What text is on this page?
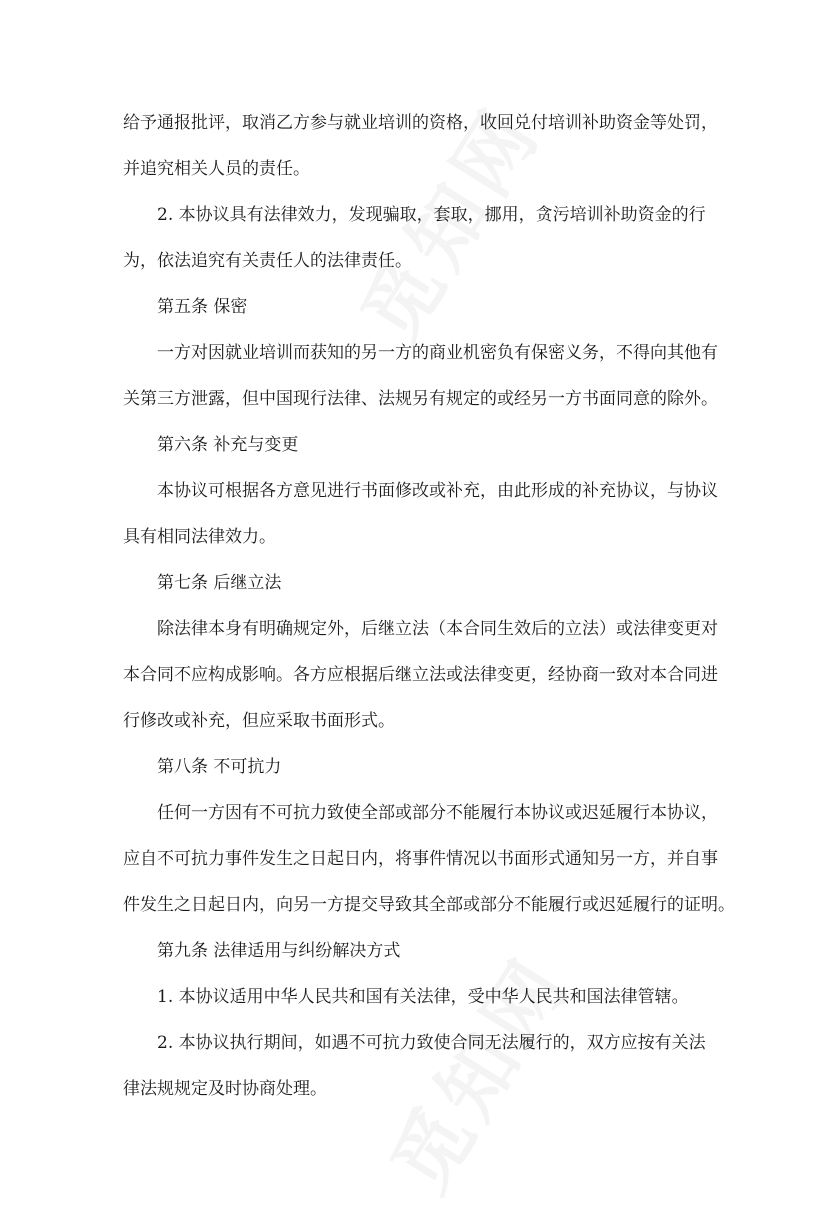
给予通报批评，取消乙方参与就业培训的资格，收回兑付培训补助资金等处罚，
并追究相关人员的责任。

2. 本协议具有法律效力，发现骗取，套取，挪用，贪污培训补助资金的行
为，依法追究有关责任人的法律责任。

第五条 保密

一方对因就业培训而获知的另一方的商业机密负有保密义务，不得向其他有
关第三方泄露，但中国现行法律、法规另有规定的或经另一方书面同意的除外。

第六条 补充与变更

本协议可根据各方意见进行书面修改或补充，由此形成的补充协议，与协议
具有相同法律效力。

第七条 后继立法

除法律本身有明确规定外，后继立法（本合同生效后的立法）或法律变更对
本合同不应构成影响。各方应根据后继立法或法律变更，经协商一致对本合同进
行修改或补充，但应采取书面形式。

第八条 不可抗力

任何一方因有不可抗力致使全部或部分不能履行本协议或迟延履行本协议，
应自不可抗力事件发生之日起日内，将事件情况以书面形式通知另一方，并自事
件发生之日起日内，向另一方提交导致其全部或部分不能履行或迟延履行的证明。

第九条 法律适用与纠纷解决方式

1. 本协议适用中华人民共和国有关法律，受中华人民共和国法律管辖。

2. 本协议执行期间，如遇不可抗力致使合同无法履行的，双方应按有关法
律法规规定及时协商处理。
